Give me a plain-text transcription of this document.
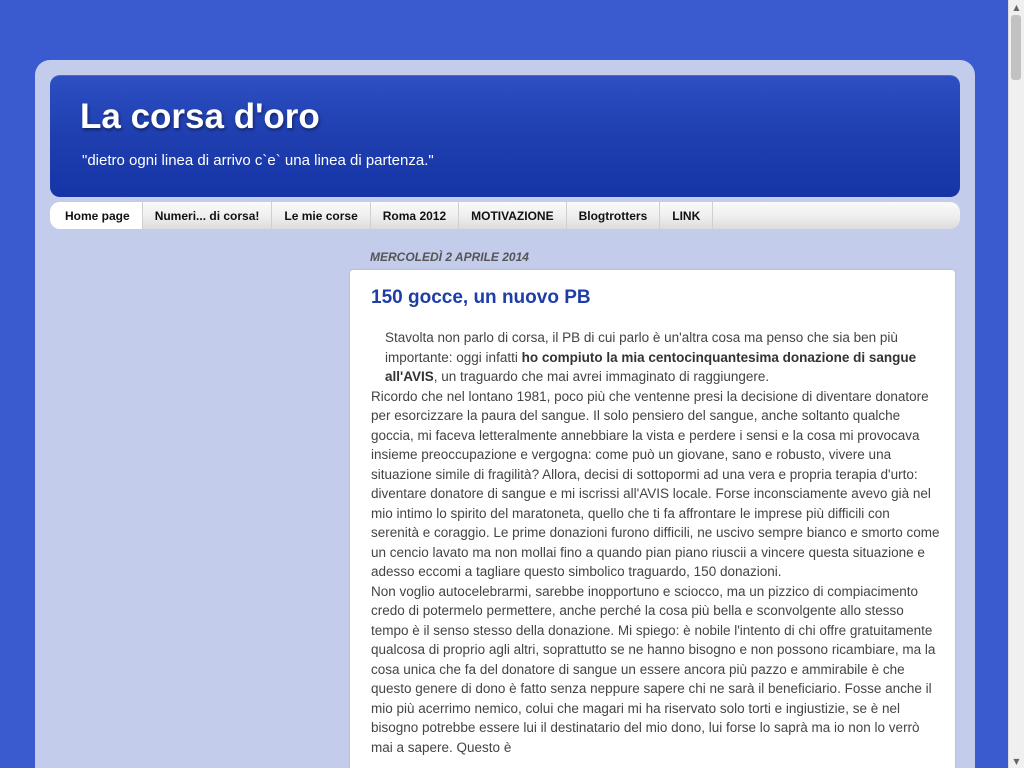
La corsa d'oro

"dietro ogni linea di arrivo c`e` una linea di partenza."

Home page	Numeri... di corsa!	Le mie corse	Roma 2012	MOTIVAZIONE	Blogtrotters	LINK
MERCOLEDÌ 2 APRILE 2014
150 gocce, un nuovo PB

Stavolta non parlo di corsa, il PB di cui parlo è un'altra cosa ma penso che sia ben più importante: oggi infatti ho compiuto la mia centocinquantesima donazione di sangue all'AVIS, un traguardo che mai avrei immaginato di raggiungere.

Ricordo che nel lontano 1981, poco più che ventenne presi la decisione di diventare donatore per esorcizzare la paura del sangue. Il solo pensiero del sangue, anche soltanto qualche goccia, mi faceva letteralmente annebbiare la vista e perdere i sensi e la cosa mi provocava insieme preoccupazione e vergogna: come può un giovane, sano e robusto, vivere una situazione simile di fragilità? Allora, decisi di sottopormi ad una vera e propria terapia d'urto: diventare donatore di sangue e mi iscrissi all'AVIS locale. Forse inconsciamente avevo già nel mio intimo lo spirito del maratoneta, quello che ti fa affrontare le imprese più difficili con serenità e coraggio. Le prime donazioni furono difficili, ne uscivo sempre bianco e smorto come un cencio lavato ma non mollai fino a quando pian piano riuscii a vincere questa situazione e adesso eccomi a tagliare questo simbolico traguardo, 150 donazioni.

Non voglio autocelebrarmi, sarebbe inopportuno e sciocco, ma un pizzico di compiacimento credo di potermelo permettere, anche perché la cosa più bella e sconvolgente allo stesso tempo è il senso stesso della donazione. Mi spiego: è nobile l'intento di chi offre gratuitamente qualcosa di proprio agli altri, soprattutto se ne hanno bisogno e non possono ricambiare, ma la cosa unica che fa del donatore di sangue un essere ancora più pazzo e ammirabile è che questo genere di dono è fatto senza neppure sapere chi ne sarà il beneficiario. Fosse anche il mio più acerrimo nemico, colui che magari mi ha riservato solo torti e ingiustizie, se è nel bisogno potrebbe essere lui il destinatario del mio dono, lui forse lo saprà ma io non lo verrò mai a sapere. Questo è

▲
▼
